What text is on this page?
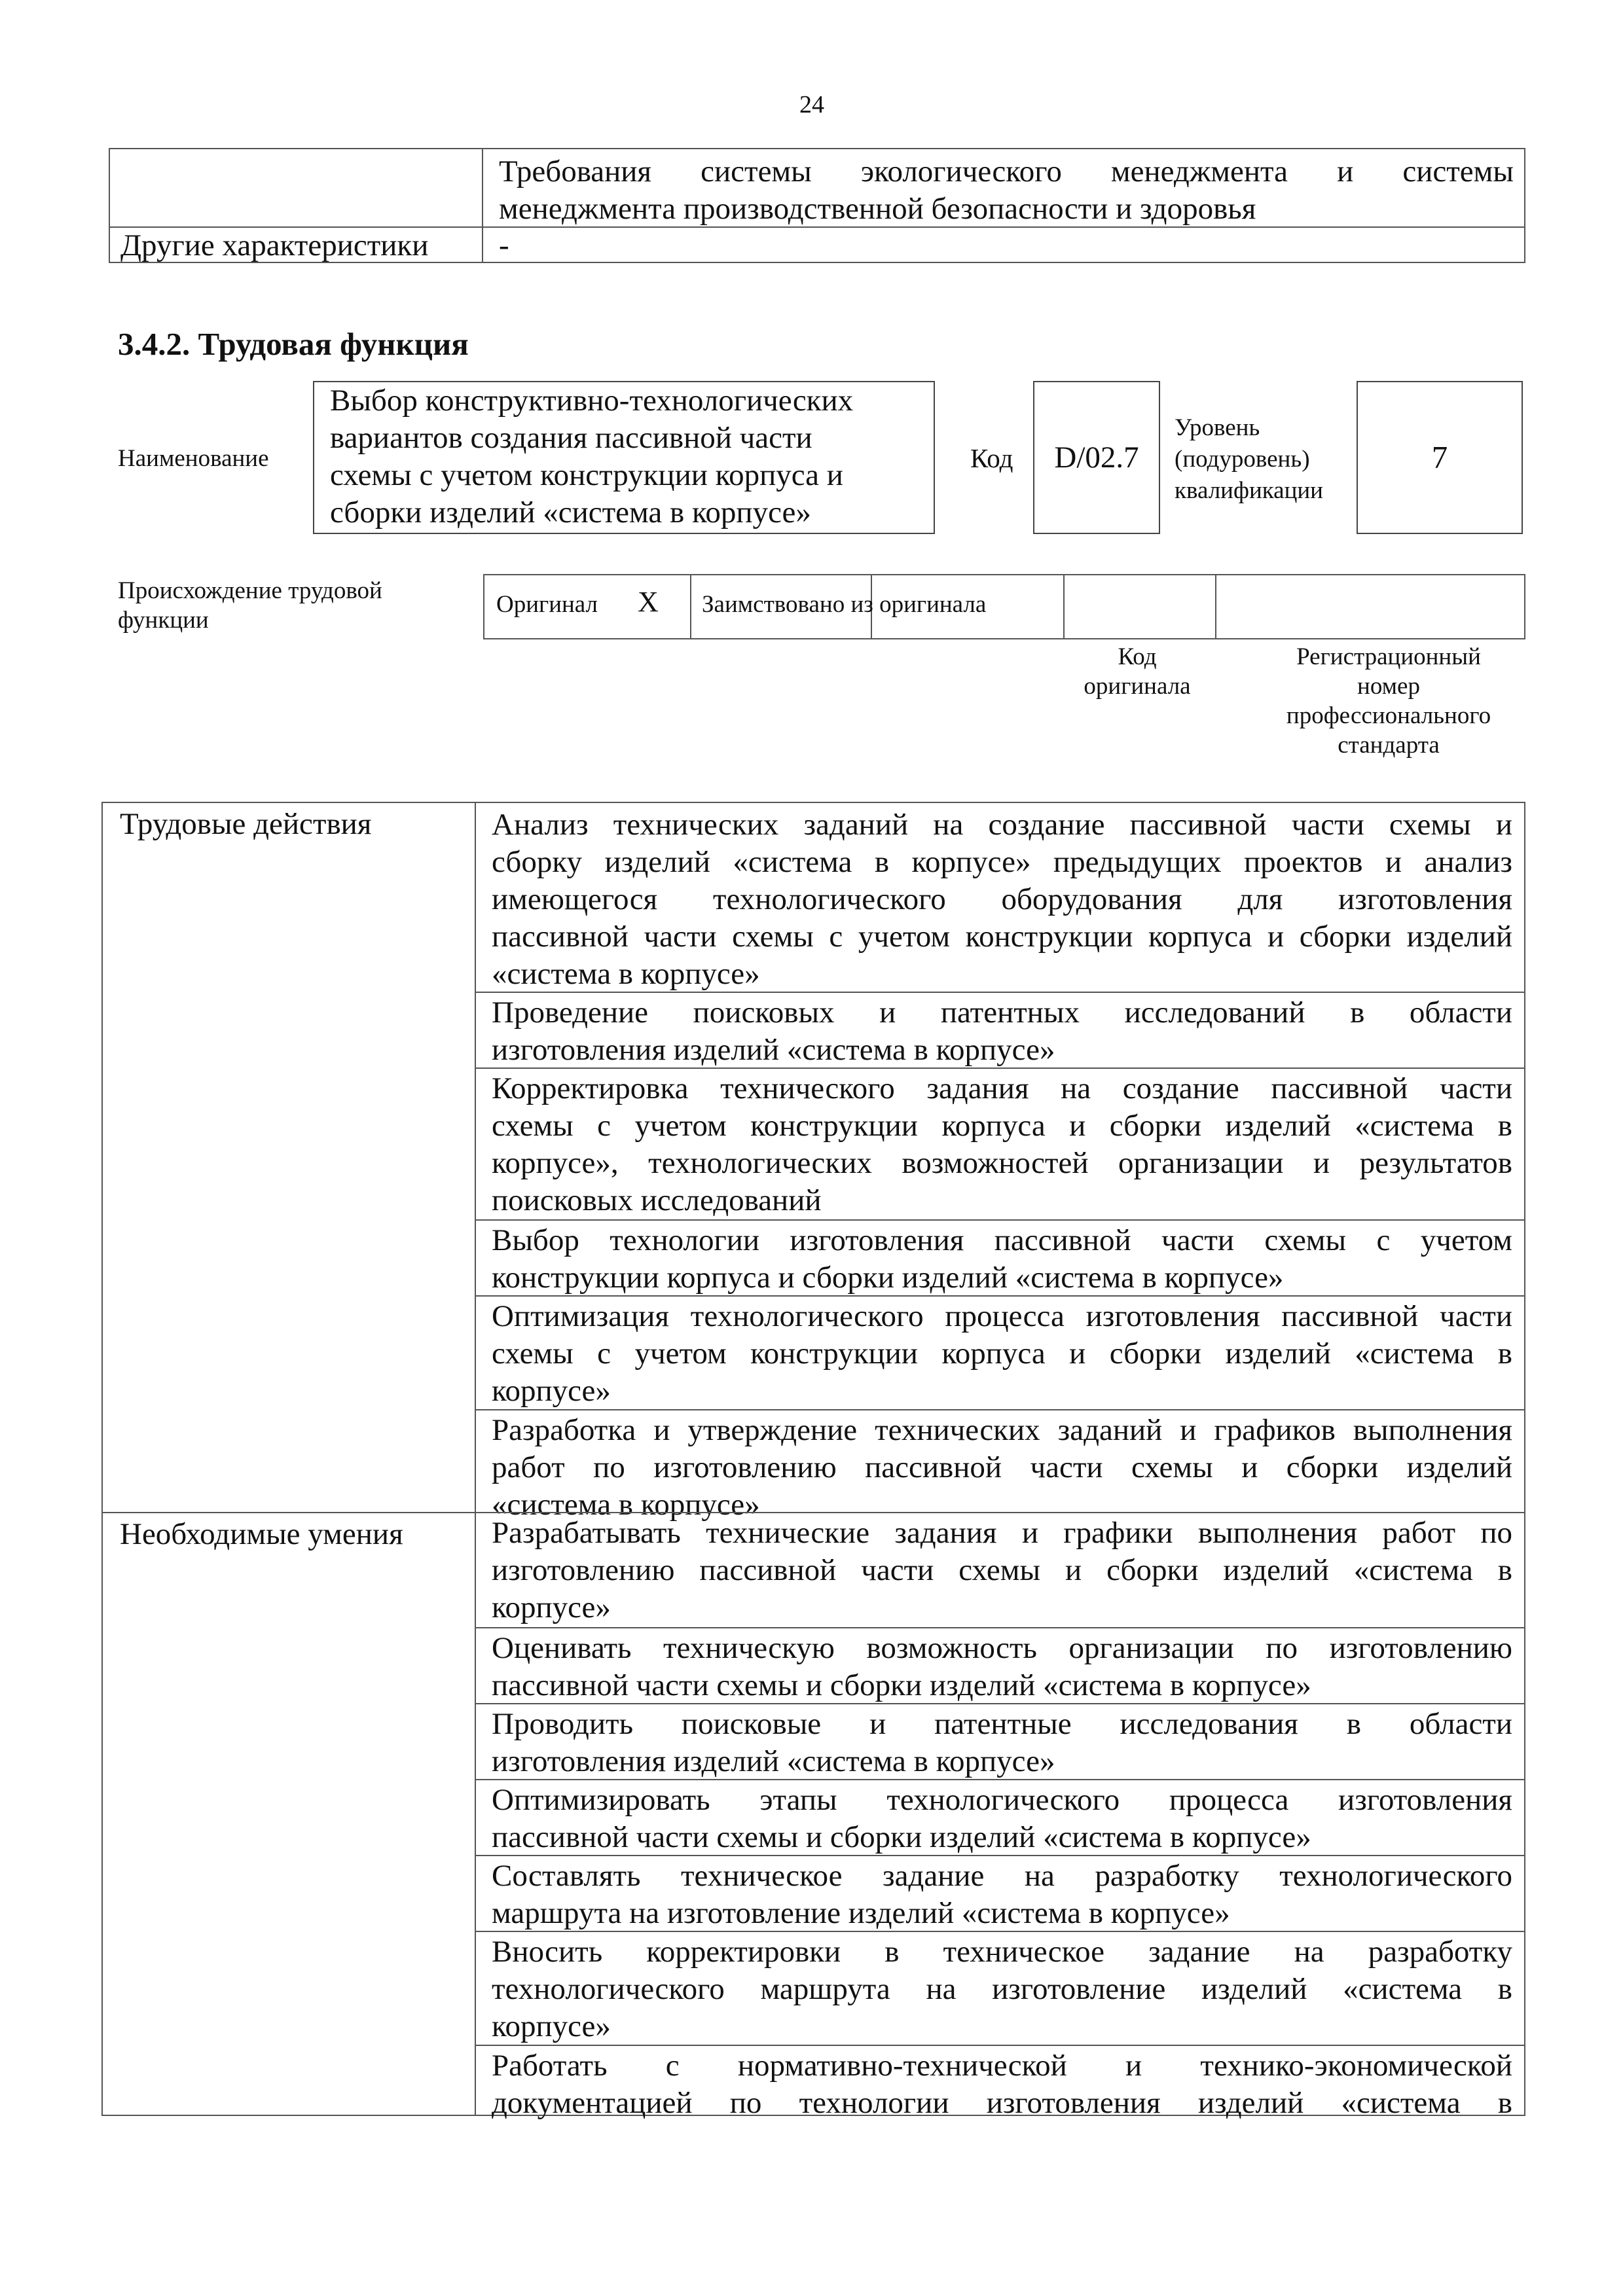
24
Требования системы экологического менеджмента и системы
менеджмента производственной безопасности и здоровья
Другие характеристики	-
3.4.2. Трудовая функция
Наименование
Выбор конструктивно-технологических
вариантов создания пассивной части
схемы с учетом конструкции корпуса и
сборки изделий «система в корпусе»
Код	D/02.7
Уровень
(подуровень)
квалификации
7
Происхождение трудовой
функции
Оригинал X Заимствовано из оригинала
Код
оригинала
Регистрационный
номер
профессионального
стандарта
Трудовые действия
Необходимые умения
Анализ технических заданий на создание пассивной части схемы и
сборку изделий «система в корпусе» предыдущих проектов и анализ
имеющегося технологического оборудования для изготовления
пассивной части схемы с учетом конструкции корпуса и сборки изделий
«система в корпусе»
Проведение поисковых и патентных исследований в области
изготовления изделий «система в корпусе»
Корректировка технического задания на создание пассивной части
схемы с учетом конструкции корпуса и сборки изделий «система в
корпусе», технологических возможностей организации и результатов
поисковых исследований
Выбор технологии изготовления пассивной части схемы с учетом
конструкции корпуса и сборки изделий «система в корпусе»
Оптимизация технологического процесса изготовления пассивной части
схемы с учетом конструкции корпуса и сборки изделий «система в
корпусе»
Разработка и утверждение технических заданий и графиков выполнения
работ по изготовлению пассивной части схемы и сборки изделий
«система в корпусе»
Разрабатывать технические задания и графики выполнения работ по
изготовлению пассивной части схемы и сборки изделий «система в
корпусе»
Оценивать техническую возможность организации по изготовлению
пассивной части схемы и сборки изделий «система в корпусе»
Проводить поисковые и патентные исследования в области
изготовления изделий «система в корпусе»
Оптимизировать этапы технологического процесса изготовления
пассивной части схемы и сборки изделий «система в корпусе»
Составлять техническое задание на разработку технологического
маршрута на изготовление изделий «система в корпусе»
Вносить корректировки в техническое задание на разработку
технологического маршрута на изготовление изделий «система в
корпусе»
Работать с нормативно-технической и технико-экономической
документацией по технологии изготовления изделий «система в
